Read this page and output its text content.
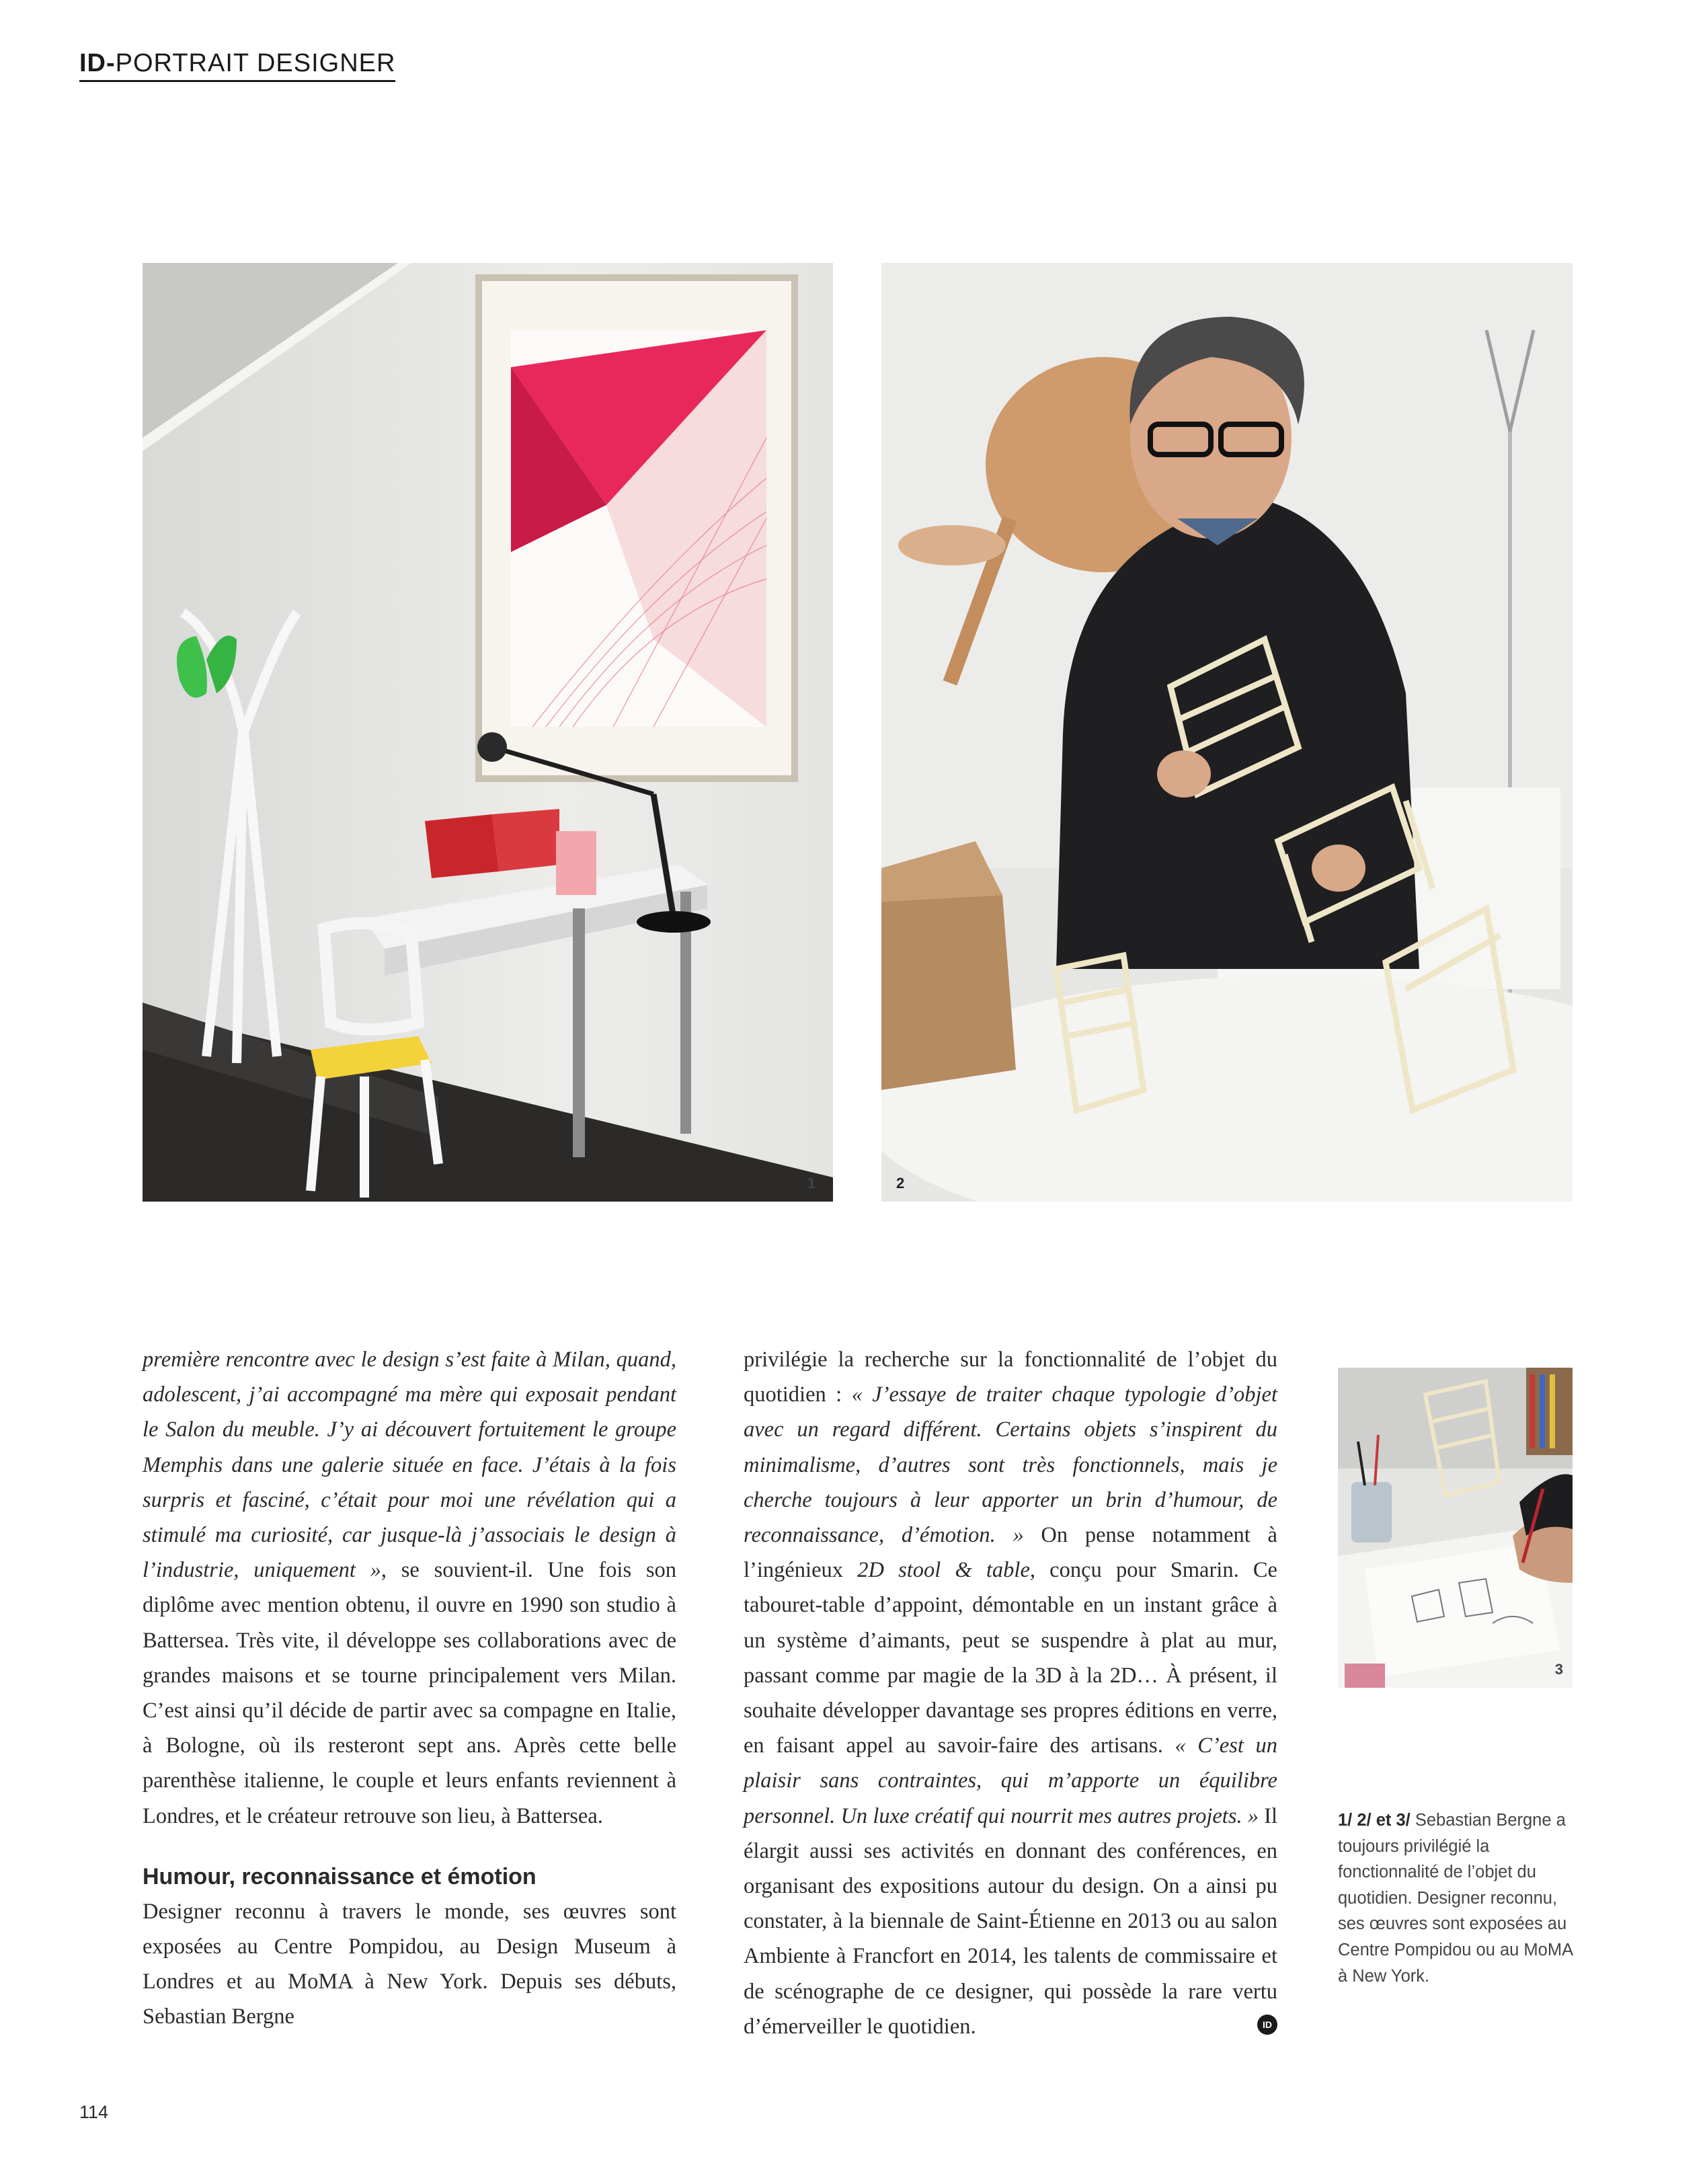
ID-PORTRAIT DESIGNER
1	2
3

première rencontre avec le design s’est faite à Milan, quand, adolescent, j’ai accompagné ma mère qui exposait pendant le Salon du meuble. J’y ai découvert fortuitement le groupe Memphis dans une galerie située en face. J’étais à la fois surpris et fasciné, c’était pour moi une révélation qui a stimulé ma curiosité, car jusque-là j’associais le design à l’industrie, uniquement », se souvient-il. Une fois son diplôme avec mention obtenu, il ouvre en 1990 son studio à Battersea. Très vite, il développe ses collaborations avec de grandes maisons et se tourne principalement vers Milan. C’est ainsi qu’il décide de partir avec sa compagne en Italie, à Bologne, où ils resteront sept ans. Après cette belle parenthèse italienne, le couple et leurs enfants reviennent à Londres, et le créateur retrouve son lieu, à Battersea.

Humour, reconnaissance et émotion

Designer reconnu à travers le monde, ses œuvres sont exposées au Centre Pompidou, au Design Museum à Londres et au MoMA à New York. Depuis ses débuts, Sebastian Bergne

privilégie la recherche sur la fonctionnalité de l’objet du quotidien : « J’essaye de traiter chaque typologie d’objet avec un regard différent. Certains objets s’inspirent du minimalisme, d’autres sont très fonctionnels, mais je cherche toujours à leur apporter un brin d’humour, de reconnaissance, d’émotion. » On pense notamment à l’ingénieux 2D stool & table, conçu pour Smarin. Ce tabouret-table d’appoint, démontable en un instant grâce à un système d’aimants, peut se suspendre à plat au mur, passant comme par magie de la 3D à la 2D… À présent, il souhaite développer davantage ses propres éditions en verre, en faisant appel au savoir-faire des artisans. « C’est un plaisir sans contraintes, qui m’apporte un équilibre personnel. Un luxe créatif qui nourrit mes autres projets. » Il élargit aussi ses activités en donnant des conférences, en organisant des expositions autour du design. On a ainsi pu constater, à la biennale de Saint-Étienne en 2013 ou au salon Ambiente à Francfort en 2014, les talents de commissaire et de scénographe de ce designer, qui possède la rare vertu d’émerveiller le quotidien.	ID

1/ 2/ et 3/ Sebastian Bergne a toujours privilégié la fonctionnalité de l’objet du quotidien. Designer reconnu, ses œuvres sont exposées au Centre Pompidou ou au MoMA à New York.
114
